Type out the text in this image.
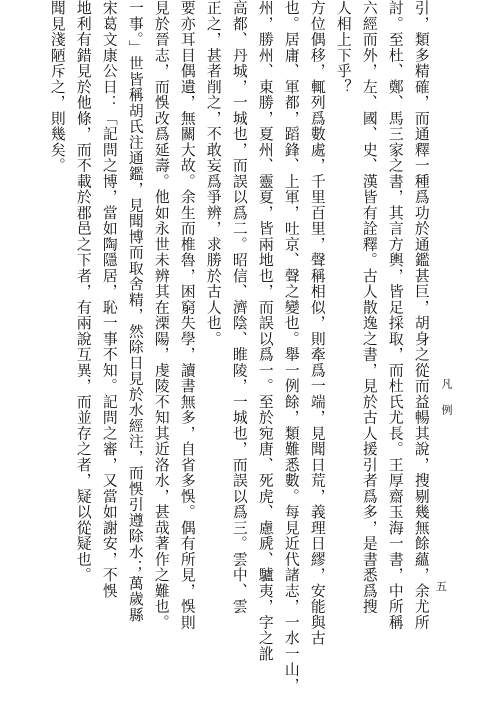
聞見淺陋斥之，則幾矣。 地利有錯見於他條，而不載於郡邑之下者，有兩說互異，而並存之者，疑以從疑也。 宋葛文康公日：「記問之博，當如陶隱居，恥一事不知。記問之審，又當如謝安，不悞 一事。」世皆稱胡氏注通鑑，見聞博而取舍精，然除日見於水經注，而悞引遵除水；萬歲縣 見於晉志，而悞改爲延壽。他如永世未辨其在溧陽，虔陵不知其近洛水，甚哉著作之難也。 要亦耳目偶遺，無關大故。余生而椎魯，困窮失學，讀書無多，自省多悞。偶有所見，悞則 正之，甚者削之，不敢妄爲爭辨，求勝於古人也。 高都、丹城，一城也，而誤以爲二。昭信、濟陰、睢陵，一城也，而誤以爲三。雲中、雲 州，勝州、東勝，夏州、靈夏，皆兩地也，而誤以爲一。至於宛唐、死虎、慮虒、驢夷，字之訛 也。居庸、軍都，蹈鋒、上軍，吐京、聲之變也。舉一例餘，類難悉數。每見近代諸志，一水一山， 方位偶移，輒列爲數處，千里百里，聲稱相似，則牽爲一端，見聞日荒，義理日繆，安能與古 人相上下乎？ 六經而外，左、國、史、漢皆有詮釋。古人散逸之書，見於古人援引者爲多，是書悉爲搜 討。至杜、鄭、馬三家之書，其言方輿，皆足採取，而杜氏尤長。王厚齋玉海一書，中所稱 引，類多精確，而通釋一種爲功於通鑑甚巨，胡身之從而益暢其說，搜剔幾無餘蘊，余尤所 凡　例
五
